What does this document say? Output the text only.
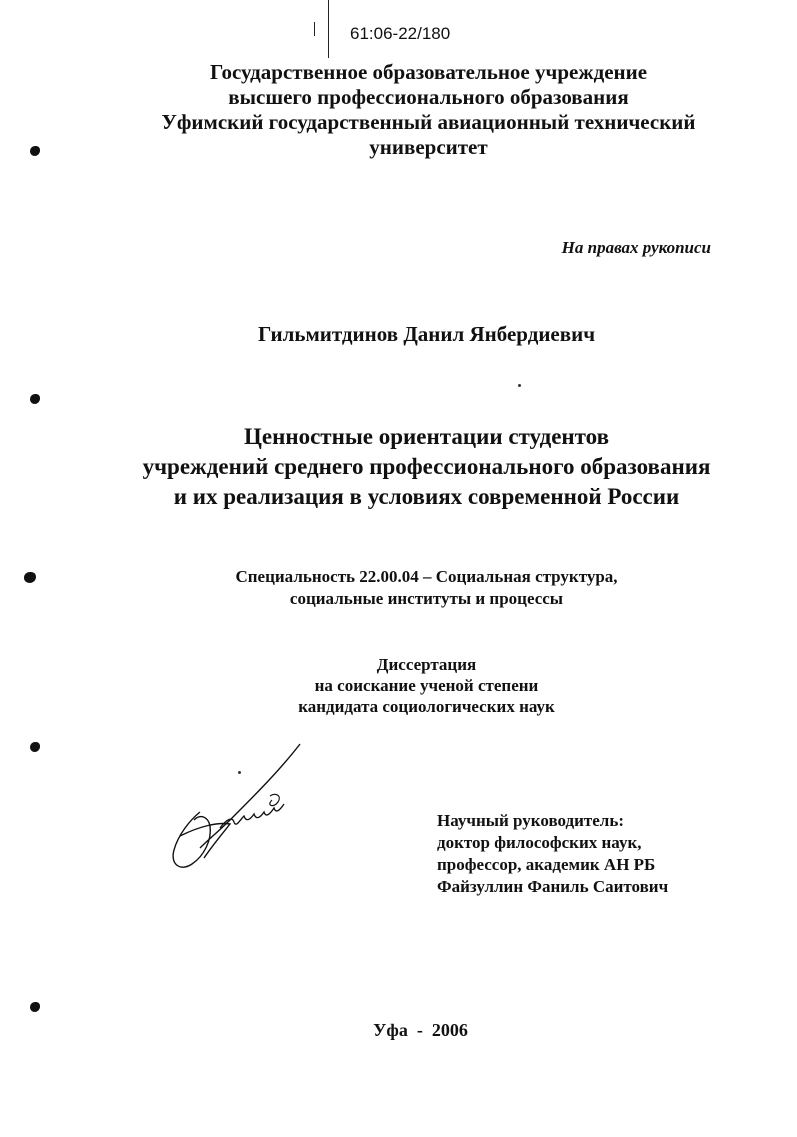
61:06-22/180
Государственное образовательное учреждение
высшего профессионального образования
Уфимский государственный авиационный технический
университет
На правах рукописи
Гильмитдинов Данил Янбердиевич
Ценностные ориентации студентов
учреждений среднего профессионального образования
и их реализация в условиях современной России
Специальность 22.00.04 – Социальная структура,
социальные институты и процессы
Диссертация
на соискание ученой степени
кандидата социологических наук
Научный руководитель:
доктор философских наук,
профессор, академик АН РБ
Файзуллин Фаниль Саитович
Уфа  -  2006
